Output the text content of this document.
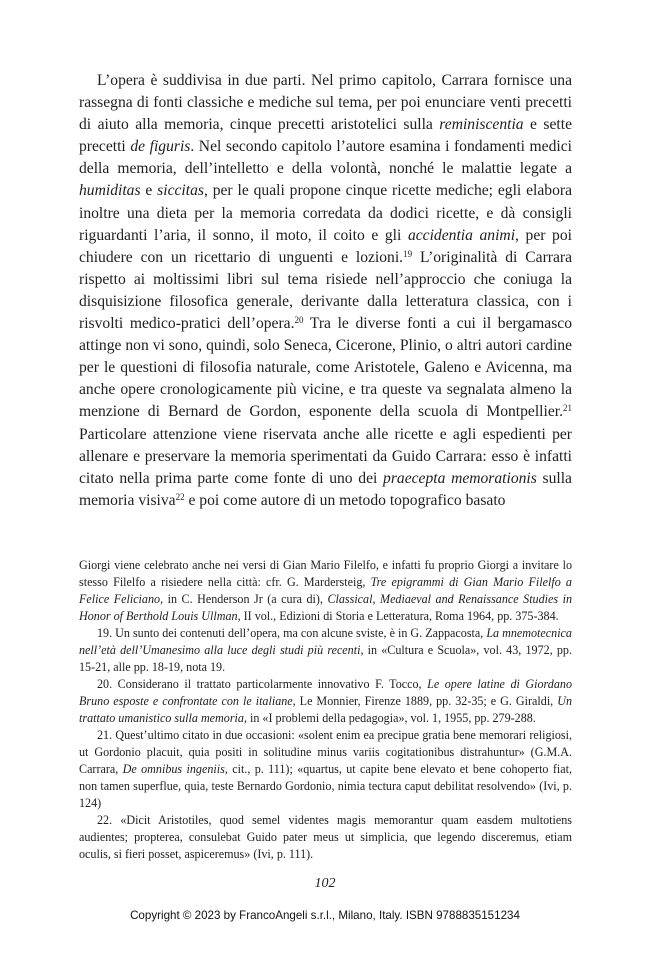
L’opera è suddivisa in due parti. Nel primo capitolo, Carrara fornisce una rassegna di fonti classiche e mediche sul tema, per poi enunciare venti precetti di aiuto alla memoria, cinque precetti aristotelici sulla reminiscentia e sette precetti de figuris. Nel secondo capitolo l’autore esamina i fondamenti medici della memoria, dell’intelletto e della volontà, nonché le malattie legate a humiditas e siccitas, per le quali propone cinque ricette mediche; egli elabora inoltre una dieta per la memoria corredata da dodici ricette, e dà consigli riguardanti l’aria, il sonno, il moto, il coito e gli accidentia animi, per poi chiudere con un ricettario di unguenti e lozioni.$^{19}$ L’originalità di Carrara rispetto ai moltissimi libri sul tema risiede nell’approccio che coniuga la disquisizione filosofica generale, derivante dalla letteratura classica, con i risvolti medico-pratici dell’opera.$^{20}$ Tra le diverse fonti a cui il bergamasco attinge non vi sono, quindi, solo Seneca, Cicerone, Plinio, o altri autori cardine per le questioni di filosofia naturale, come Aristotele, Galeno e Avicenna, ma anche opere cronologicamente più vicine, e tra queste va segnalata almeno la menzione di Bernard de Gordon, esponente della scuola di Montpellier.$^{21}$ Particolare attenzione viene riservata anche alle ricette e agli espedienti per allenare e preservare la memoria sperimentati da Guido Carrara: esso è infatti citato nella prima parte come fonte di uno dei praecepta memorationis sulla memoria visiva$^{22}$ e poi come autore di un metodo topografico basato

Giorgi viene celebrato anche nei versi di Gian Mario Filelfo, e infatti fu proprio Giorgi a invitare lo stesso Filelfo a risiedere nella città: cfr. G. Mardersteig, Tre epigrammi di Gian Mario Filelfo a Felice Feliciano, in C. Henderson Jr (a cura di), Classical, Mediaeval and Renaissance Studies in Honor of Berthold Louis Ullman, II vol., Edizioni di Storia e Letteratura, Roma 1964, pp. 375-384.

19. Un sunto dei contenuti dell’opera, ma con alcune sviste, è in G. Zappacosta, La mnemotecnica nell’età dell’Umanesimo alla luce degli studi più recenti, in «Cultura e Scuola», vol. 43, 1972, pp. 15-21, alle pp. 18-19, nota 19.

20. Considerano il trattato particolarmente innovativo F. Tocco, Le opere latine di Giordano Bruno esposte e confrontate con le italiane, Le Monnier, Firenze 1889, pp. 32-35; e G. Giraldi, Un trattato umanistico sulla memoria, in «I problemi della pedagogia», vol. 1, 1955, pp. 279-288.

21. Quest’ultimo citato in due occasioni: «solent enim ea precipue gratia bene memorari religiosi, ut Gordonio placuit, quia positi in solitudine minus variis cogitationibus distrahuntur» (G.M.A. Carrara, De omnibus ingeniis, cit., p. 111); «quartus, ut capite bene elevato et bene cohoperto fiat, non tamen superflue, quia, teste Bernardo Gordonio, nimia tectura caput debilitat resolvendo» (Ivi, p. 124)

22. «Dicit Aristotiles, quod semel videntes magis memorantur quam easdem multotiens audientes; propterea, consulebat Guido pater meus ut simplicia, que legendo disceremus, etiam oculis, si fieri posset, aspiceremus» (Ivi, p. 111).

102
Copyright © 2023 by FrancoAngeli s.r.l., Milano, Italy. ISBN 9788835151234
